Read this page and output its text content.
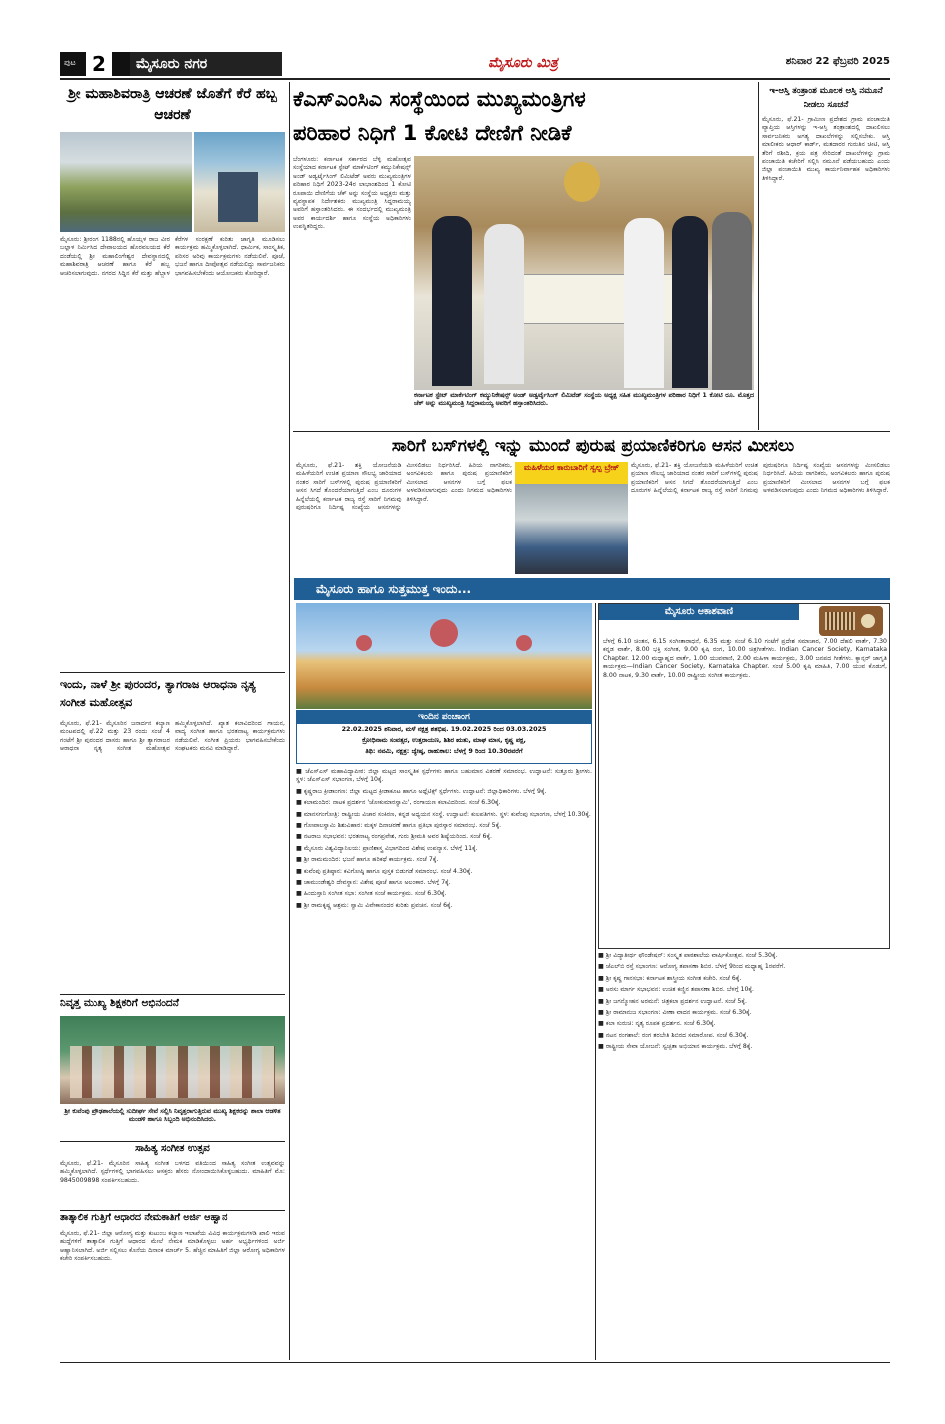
ಪುಟ 2	ಮೈಸೂರು ನಗರ	ಮೈಸೂರು ಮಿತ್ರ	ಶನಿವಾರ 22 ಫೆಬ್ರವರಿ 2025
ಶ್ರೀ ಮಹಾಶಿವರಾತ್ರಿ ಆಚರಣೆ ಜೊತೆಗೆ ಕೆರೆ ಹಬ್ಬ ಆಚರಣೆ
ಮೈಸೂರು: ಶ್ರೀರಂಗ 1188ರಲ್ಲಿ ಹೊಯ್ಸಳ ರಾಜ ವೀರ ಬಲ್ಲಾಳ ನಿರ್ಮಿಸಿದ ದೇವಾಲಯದ ಹೊರವಲಯದ ಕೆರೆ ದಂಡೆಯಲ್ಲಿ ಶ್ರೀ ಮಹಾಲಿಂಗೇಶ್ವರ ದೇವಸ್ಥಾನದಲ್ಲಿ ಮಹಾಶಿವರಾತ್ರಿ ಆಚರಣೆ ಹಾಗೂ ಕೆರೆ ಹಬ್ಬ ಆಚರಿಸಲಾಗುವುದು. ನಗರದ ಸಿದ್ದಿನ ಕೆರೆ ಮತ್ತು ಹೆಬ್ಬಾಳ ಕೆರೆಗಳ ಸಂರಕ್ಷಣೆ ಕುರಿತು ಜಾಗೃತಿ ಮೂಡಿಸಲು ಕಾರ್ಯಕ್ರಮ ಹಮ್ಮಿಕೊಳ್ಳಲಾಗಿದೆ. ಧಾರ್ಮಿಕ, ಸಾಂಸ್ಕೃತಿಕ, ಪರಿಸರ ಅರಿವು ಕಾರ್ಯಕ್ರಮಗಳು ನಡೆಯಲಿವೆ. ಪೂಜೆ, ಭಜನೆ ಹಾಗೂ ದೀಪೋತ್ಸವ ನಡೆಯಲಿದ್ದು ಸಾರ್ವಜನಿಕರು ಭಾಗವಹಿಸಬೇಕೆಂದು ಆಯೋಜಕರು ಕೋರಿದ್ದಾರೆ.
ಇಂದು, ನಾಳೆ ಶ್ರೀ ಪುರಂದರ, ತ್ಯಾಗರಾಜ ಆರಾಧನಾ ನೃತ್ಯ ಸಂಗೀತ ಮಹೋತ್ಸವ
ಮೈಸೂರು, ಫೆ.21- ಮೈಸೂರಿನ ಜನಾರ್ದನ ಕಲ್ಯಾಣ ಮಂಟಪದಲ್ಲಿ ಫೆ.22 ಮತ್ತು 23 ರಂದು ಸಂಜೆ 4 ಗಂಟೆಗೆ ಶ್ರೀ ಪುರಂದರ ದಾಸರು ಹಾಗೂ ಶ್ರೀ ತ್ಯಾಗರಾಜರ ಆರಾಧನಾ ನೃತ್ಯ ಸಂಗೀತ ಮಹೋತ್ಸವ ಹಮ್ಮಿಕೊಳ್ಳಲಾಗಿದೆ. ಖ್ಯಾತ ಕಲಾವಿದರಿಂದ ಗಾಯನ, ವಾದ್ಯ ಸಂಗೀತ ಹಾಗೂ ಭರತನಾಟ್ಯ ಕಾರ್ಯಕ್ರಮಗಳು ನಡೆಯಲಿವೆ. ಸಂಗೀತ ಪ್ರಿಯರು ಭಾಗವಹಿಸಬೇಕೆಂದು ಸಂಘಟಕರು ಮನವಿ ಮಾಡಿದ್ದಾರೆ.
ನಿವೃತ್ತ ಮುಖ್ಯ ಶಿಕ್ಷಕರಿಗೆ ಅಭಿನಂದನೆ
ಶ್ರೀ ಕುವೆಂಪು ಪ್ರೌಢಶಾಲೆಯಲ್ಲಿ ಸುದೀರ್ಘ ಸೇವೆ ಸಲ್ಲಿಸಿ ನಿವೃತ್ತರಾಗುತ್ತಿರುವ ಮುಖ್ಯ ಶಿಕ್ಷಕರನ್ನು ಶಾಲಾ ಆಡಳಿತ ಮಂಡಳಿ ಹಾಗೂ ಸಿಬ್ಬಂದಿ ಅಭಿನಂದಿಸಿದರು.
ಸಾಹಿತ್ಯ ಸಂಗೀತ ಉತ್ಸವ
ಮೈಸೂರು, ಫೆ.21- ಮೈಸೂರಿನ ಸಾಹಿತ್ಯ ಸಂಗೀತ ಬಳಗದ ವತಿಯಿಂದ ಸಾಹಿತ್ಯ ಸಂಗೀತ ಉತ್ಸವವನ್ನು ಹಮ್ಮಿಕೊಳ್ಳಲಾಗಿದೆ. ಸ್ಪರ್ಧೆಗಳಲ್ಲಿ ಭಾಗವಹಿಸಲು ಆಸಕ್ತರು ಹೆಸರು ನೋಂದಾಯಿಸಿಕೊಳ್ಳಬಹುದು. ಮಾಹಿತಿಗೆ ಮೊ: 9845009898 ಸಂಪರ್ಕಿಸಬಹುದು.
ತಾತ್ಕಾಲಿಕ ಗುತ್ತಿಗೆ ಆಧಾರದ ನೇಮಕಾತಿಗೆ ಅರ್ಜಿ ಆಹ್ವಾನ
ಮೈಸೂರು, ಫೆ.21- ಜಿಲ್ಲಾ ಆರೋಗ್ಯ ಮತ್ತು ಕುಟುಂಬ ಕಲ್ಯಾಣ ಇಲಾಖೆಯ ವಿವಿಧ ಕಾರ್ಯಕ್ರಮಗಳಡಿ ಖಾಲಿ ಇರುವ ಹುದ್ದೆಗಳಿಗೆ ತಾತ್ಕಾಲಿಕ ಗುತ್ತಿಗೆ ಆಧಾರದ ಮೇಲೆ ನೇಮಕ ಮಾಡಿಕೊಳ್ಳಲು ಅರ್ಹ ಅಭ್ಯರ್ಥಿಗಳಿಂದ ಅರ್ಜಿ ಆಹ್ವಾನಿಸಲಾಗಿದೆ. ಅರ್ಜಿ ಸಲ್ಲಿಸಲು ಕೊನೆಯ ದಿನಾಂಕ ಮಾರ್ಚ್ 5. ಹೆಚ್ಚಿನ ಮಾಹಿತಿಗೆ ಜಿಲ್ಲಾ ಆರೋಗ್ಯ ಅಧಿಕಾರಿಗಳ ಕಚೇರಿ ಸಂಪರ್ಕಿಸಬಹುದು.
ಕೆಎಸ್‌ಎಂಸಿಎ ಸಂಸ್ಥೆಯಿಂದ ಮುಖ್ಯಮಂತ್ರಿಗಳ
ಪರಿಹಾರ ನಿಧಿಗೆ 1 ಕೋಟಿ ದೇಣಿಗೆ ನೀಡಿಕೆ
ಬೆಂಗಳೂರು: ಕರ್ನಾಟಕ ಸರ್ಕಾರದ ಬೆಳ್ಳಿ ಮಹೋತ್ಸವ ಸಂಸ್ಥೆಯಾದ ಕರ್ನಾಟಕ ಸ್ಟೇಟ್ ಮಾರ್ಕೆಟಿಂಗ್ ಕಮ್ಯುನಿಕೇಷನ್ಸ್ ಅಂಡ್ ಅಡ್ವರ್ಟೈಸಿಂಗ್ ಲಿಮಿಟೆಡ್ ಅವರು ಮುಖ್ಯಮಂತ್ರಿಗಳ ಪರಿಹಾರ ನಿಧಿಗೆ 2023-24ರ ಲಾಭಾಂಶದಿಂದ 1 ಕೋಟಿ ರೂಪಾಯಿ ದೇಣಿಗೆಯ ಚೆಕ್ ಅನ್ನು ಸಂಸ್ಥೆಯ ಅಧ್ಯಕ್ಷರು ಮತ್ತು ವ್ಯವಸ್ಥಾಪಕ ನಿರ್ದೇಶಕರು ಮುಖ್ಯಮಂತ್ರಿ ಸಿದ್ದರಾಮಯ್ಯ ಅವರಿಗೆ ಹಸ್ತಾಂತರಿಸಿದರು. ಈ ಸಂದರ್ಭದಲ್ಲಿ ಮುಖ್ಯಮಂತ್ರಿ ಅವರ ಕಾರ್ಯದರ್ಶಿ ಹಾಗೂ ಸಂಸ್ಥೆಯ ಅಧಿಕಾರಿಗಳು ಉಪಸ್ಥಿತರಿದ್ದರು.
ಕರ್ನಾಟಕ ಸ್ಟೇಟ್ ಮಾರ್ಕೆಟಿಂಗ್ ಕಮ್ಯುನಿಕೇಷನ್ಸ್ ಅಂಡ್ ಅಡ್ವರ್ಟೈಸಿಂಗ್ ಲಿಮಿಟೆಡ್ ಸಂಸ್ಥೆಯ ಅಧ್ಯಕ್ಷ ಸಹಿತ ಮುಖ್ಯಮಂತ್ರಿಗಳ ಪರಿಹಾರ ನಿಧಿಗೆ 1 ಕೋಟಿ ರೂ. ಮೊತ್ತದ ಚೆಕ್ ಅನ್ನು ಮುಖ್ಯಮಂತ್ರಿ ಸಿದ್ದರಾಮಯ್ಯ ಅವರಿಗೆ ಹಸ್ತಾಂತರಿಸಿದರು.
ಇ-ಆಸ್ತಿ ತಂತ್ರಾಂಶ ಮೂಲಕ ಆಸ್ತಿ ನಮೂನೆ ನೀಡಲು ಸೂಚನೆ
ಮೈಸೂರು, ಫೆ.21- ಗ್ರಾಮೀಣ ಪ್ರದೇಶದ ಗ್ರಾಮ ಪಂಚಾಯಿತಿ ವ್ಯಾಪ್ತಿಯ ಆಸ್ತಿಗಳನ್ನು ಇ-ಆಸ್ತಿ ತಂತ್ರಾಂಶದಲ್ಲಿ ದಾಖಲಿಸಲು ಸಾರ್ವಜನಿಕರು ಅಗತ್ಯ ದಾಖಲೆಗಳನ್ನು ಸಲ್ಲಿಸಬೇಕು. ಆಸ್ತಿ ಮಾಲೀಕರು ಆಧಾರ್ ಕಾರ್ಡ್, ಮತದಾರರ ಗುರುತಿನ ಚೀಟಿ, ಆಸ್ತಿ ತೆರಿಗೆ ರಶೀದಿ, ಕ್ರಯ ಪತ್ರ ಸೇರಿದಂತೆ ದಾಖಲೆಗಳನ್ನು ಗ್ರಾಮ ಪಂಚಾಯಿತಿ ಕಚೇರಿಗೆ ಸಲ್ಲಿಸಿ ನಮೂನೆ ಪಡೆಯಬಹುದು ಎಂದು ಜಿಲ್ಲಾ ಪಂಚಾಯಿತಿ ಮುಖ್ಯ ಕಾರ್ಯನಿರ್ವಾಹಕ ಅಧಿಕಾರಿಗಳು ತಿಳಿಸಿದ್ದಾರೆ.
ಸಾರಿಗೆ ಬಸ್‌ಗಳಲ್ಲಿ ಇನ್ನು ಮುಂದೆ ಪುರುಷ ಪ್ರಯಾಣಿಕರಿಗೂ ಆಸನ ಮೀಸಲು
ಮೈಸೂರು, ಫೆ.21- ಶಕ್ತಿ ಯೋಜನೆಯಡಿ ಮಹಿಳೆಯರಿಗೆ ಉಚಿತ ಪ್ರಯಾಣ ಸೌಲಭ್ಯ ಜಾರಿಯಾದ ನಂತರ ಸಾರಿಗೆ ಬಸ್‌ಗಳಲ್ಲಿ ಪುರುಷ ಪ್ರಯಾಣಿಕರಿಗೆ ಆಸನ ಸಿಗದೆ ತೊಂದರೆಯಾಗುತ್ತಿದೆ ಎಂಬ ದೂರುಗಳ ಹಿನ್ನೆಲೆಯಲ್ಲಿ ಕರ್ನಾಟಕ ರಾಜ್ಯ ರಸ್ತೆ ಸಾರಿಗೆ ನಿಗಮವು ಪುರುಷರಿಗೂ ನಿರ್ದಿಷ್ಟ ಸಂಖ್ಯೆಯ ಆಸನಗಳನ್ನು ಮೀಸಲಿಡಲು ನಿರ್ಧರಿಸಿದೆ. ಹಿರಿಯ ನಾಗರಿಕರು, ಅಂಗವಿಕಲರು ಹಾಗೂ ಪುರುಷ ಪ್ರಯಾಣಿಕರಿಗೆ ಮೀಸಲಾದ ಆಸನಗಳ ಬಗ್ಗೆ ಫಲಕ ಅಳವಡಿಸಲಾಗುವುದು ಎಂದು ನಿಗಮದ ಅಧಿಕಾರಿಗಳು ತಿಳಿಸಿದ್ದಾರೆ.
ಮಹಿಳೆಯರ ಕಾರುಬಾರಿಗೆ ಸ್ವಲ್ಪ ಬ್ರೇಕ್	ಮೈಸೂರು, ಫೆ.21- ಶಕ್ತಿ ಯೋಜನೆಯಡಿ ಮಹಿಳೆಯರಿಗೆ ಉಚಿತ ಪ್ರಯಾಣ ಸೌಲಭ್ಯ ಜಾರಿಯಾದ ನಂತರ ಸಾರಿಗೆ ಬಸ್‌ಗಳಲ್ಲಿ ಪುರುಷ ಪ್ರಯಾಣಿಕರಿಗೆ ಆಸನ ಸಿಗದೆ ತೊಂದರೆಯಾಗುತ್ತಿದೆ ಎಂಬ ದೂರುಗಳ ಹಿನ್ನೆಲೆಯಲ್ಲಿ ಕರ್ನಾಟಕ ರಾಜ್ಯ ರಸ್ತೆ ಸಾರಿಗೆ ನಿಗಮವು ಪುರುಷರಿಗೂ ನಿರ್ದಿಷ್ಟ ಸಂಖ್ಯೆಯ ಆಸನಗಳನ್ನು ಮೀಸಲಿಡಲು ನಿರ್ಧರಿಸಿದೆ. ಹಿರಿಯ ನಾಗರಿಕರು, ಅಂಗವಿಕಲರು ಹಾಗೂ ಪುರುಷ ಪ್ರಯಾಣಿಕರಿಗೆ ಮೀಸಲಾದ ಆಸನಗಳ ಬಗ್ಗೆ ಫಲಕ ಅಳವಡಿಸಲಾಗುವುದು ಎಂದು ನಿಗಮದ ಅಧಿಕಾರಿಗಳು ತಿಳಿಸಿದ್ದಾರೆ.
ಮೈಸೂರು ಹಾಗೂ ಸುತ್ತಮುತ್ತ ಇಂದು...
ಇಂದಿನ ಪಂಚಾಂಗ
22.02.2025 ಶನಿವಾರ, ಮಳೆ ನಕ್ಷತ್ರ ಶತಭಿಷ. 19.02.2025 ರಿಂದ 03.03.2025
ಕ್ರೋಧಿನಾಮ ಸಂವತ್ಸರ, ಉತ್ತರಾಯಣ, ಶಿಶಿರ ಋತು, ಮಾಘ ಮಾಸ, ಕೃಷ್ಣ ಪಕ್ಷ,
ತಿಥಿ: ನವಮಿ, ನಕ್ಷತ್ರ: ಜ್ಯೇಷ್ಠ, ರಾಹುಕಾಲ: ಬೆಳಗ್ಗೆ 9 ರಿಂದ 10.30ರವರೆಗೆ

■ ಜೆಎಸ್‌ಎಸ್ ಮಹಾವಿದ್ಯಾಪೀಠ: ಜಿಲ್ಲಾ ಮಟ್ಟದ ಸಾಂಸ್ಕೃತಿಕ ಸ್ಪರ್ಧೆಗಳು ಹಾಗೂ ಬಹುಮಾನ ವಿತರಣೆ ಸಮಾರಂಭ. ಉದ್ಘಾಟನೆ: ಸುತ್ತೂರು ಶ್ರೀಗಳು. ಸ್ಥಳ: ಜೆಎಸ್‌ಎಸ್ ಸಭಾಂಗಣ, ಬೆಳಗ್ಗೆ 10ಕ್ಕೆ.

■ ಕೃಷ್ಣರಾಜ ಕ್ರೀಡಾಂಗಣ: ಜಿಲ್ಲಾ ಮಟ್ಟದ ಕ್ರೀಡಾಕೂಟ ಹಾಗೂ ಅಥ್ಲೆಟಿಕ್ಸ್ ಸ್ಪರ್ಧೆಗಳು. ಉದ್ಘಾಟನೆ: ಜಿಲ್ಲಾಧಿಕಾರಿಗಳು. ಬೆಳಗ್ಗೆ 9ಕ್ಕೆ.

■ ಕಲಾಮಂದಿರ: ನಾಟಕ ಪ್ರದರ್ಶನ 'ಜೋಕುಮಾರಸ್ವಾಮಿ', ರಂಗಾಯಣ ಕಲಾವಿದರಿಂದ. ಸಂಜೆ 6.30ಕ್ಕೆ.

■ ಮಾನಸಗಂಗೋತ್ರಿ: ರಾಷ್ಟ್ರೀಯ ವಿಚಾರ ಸಂಕಿರಣ, ಕನ್ನಡ ಅಧ್ಯಯನ ಸಂಸ್ಥೆ. ಉದ್ಘಾಟನೆ: ಕುಲಪತಿಗಳು. ಸ್ಥಳ: ಕುವೆಂಪು ಸಭಾಂಗಣ, ಬೆಳಗ್ಗೆ 10.30ಕ್ಕೆ.

■ ಗೋಪಾಲಸ್ವಾಮಿ ಶಿಶುವಿಹಾರ: ಮಕ್ಕಳ ದಿನಾಚರಣೆ ಹಾಗೂ ಪ್ರತಿಭಾ ಪುರಸ್ಕಾರ ಸಮಾರಂಭ. ಸಂಜೆ 5ಕ್ಕೆ.

■ ನಟರಾಜ ಸಭಾಭವನ: ಭರತನಾಟ್ಯ ರಂಗಪ್ರವೇಶ, ಗುರು ಶ್ರೀಮತಿ ಅವರ ಶಿಷ್ಯೆಯರಿಂದ. ಸಂಜೆ 6ಕ್ಕೆ.

■ ಮೈಸೂರು ವಿಶ್ವವಿದ್ಯಾನಿಲಯ: ಪ್ರಾಣಿಶಾಸ್ತ್ರ ವಿಭಾಗದಿಂದ ವಿಶೇಷ ಉಪನ್ಯಾಸ. ಬೆಳಗ್ಗೆ 11ಕ್ಕೆ.

■ ಶ್ರೀ ರಾಮಮಂದಿರ: ಭಜನೆ ಹಾಗೂ ಹರಿಕಥೆ ಕಾರ್ಯಕ್ರಮ. ಸಂಜೆ 7ಕ್ಕೆ.

■ ಕುವೆಂಪು ಪ್ರತಿಷ್ಠಾನ: ಕವಿಗೋಷ್ಠಿ ಹಾಗೂ ಪುಸ್ತಕ ಬಿಡುಗಡೆ ಸಮಾರಂಭ. ಸಂಜೆ 4.30ಕ್ಕೆ.

■ ಚಾಮುಂಡೇಶ್ವರಿ ದೇವಸ್ಥಾನ: ವಿಶೇಷ ಪೂಜೆ ಹಾಗೂ ಅಲಂಕಾರ. ಬೆಳಗ್ಗೆ 7ಕ್ಕೆ.

■ ಹಿಂದುಸ್ತಾನಿ ಸಂಗೀತ ಸಭಾ: ಸಂಗೀತ ಸಂಜೆ ಕಾರ್ಯಕ್ರಮ. ಸಂಜೆ 6.30ಕ್ಕೆ.

■ ಶ್ರೀ ರಾಮಕೃಷ್ಣ ಆಶ್ರಮ: ಸ್ವಾಮಿ ವಿವೇಕಾನಂದರ ಕುರಿತು ಪ್ರವಚನ. ಸಂಜೆ 6ಕ್ಕೆ.

ಮೈಸೂರು ಆಕಾಶವಾಣಿ
ಬೆಳಗ್ಗೆ 6.10 ಚಿಂತನ, 6.15 ಸಂಗೀತಾರಾಧನೆ, 6.35 ಮತ್ತು ಸಂಜೆ 6.10 ಗಂಟೆಗೆ ಪ್ರದೇಶ ಸಮಾಚಾರ, 7.00 ದೆಹಲಿ ವಾರ್ತೆ, 7.30 ಕನ್ನಡ ವಾರ್ತೆ, 8.00 ಭಕ್ತಿ ಸಂಗೀತ, 9.00 ಕೃಷಿ ರಂಗ, 10.00 ಚಿತ್ರಗೀತೆಗಳು. Indian Cancer Society, Karnataka Chapter. 12.00 ಮಧ್ಯಾಹ್ನದ ವಾರ್ತೆ, 1.00 ಯುವವಾಣಿ, 2.00 ಮಹಿಳಾ ಕಾರ್ಯಕ್ರಮ, 3.00 ಜನಪದ ಗೀತೆಗಳು. ಕ್ಯಾನ್ಸರ್ ಜಾಗೃತಿ ಕಾರ್ಯಕ್ರಮ—Indian Cancer Society, Karnataka Chapter. ಸಂಜೆ 5.00 ಕೃಷಿ ಮಾಹಿತಿ, 7.00 ಯುವ ಕೊಡುಗೆ, 8.00 ನಾಟಕ, 9.30 ವಾರ್ತೆ, 10.00 ರಾಷ್ಟ್ರೀಯ ಸಂಗೀತ ಕಾರ್ಯಕ್ರಮ.

■ ಶ್ರೀ ವಿದ್ಯಾತೀರ್ಥ ಫೌಂಡೇಷನ್: ಸಂಸ್ಕೃತ ಪಾಠಶಾಲೆಯ ವಾರ್ಷಿಕೋತ್ಸವ. ಸಂಜೆ 5.30ಕ್ಕೆ.

■ ಜೆಎಲ್‌ಬಿ ರಸ್ತೆ ಸಭಾಂಗಣ: ಆರೋಗ್ಯ ತಪಾಸಣಾ ಶಿಬಿರ. ಬೆಳಗ್ಗೆ 9ರಿಂದ ಮಧ್ಯಾಹ್ನ 1ರವರೆಗೆ.

■ ಶ್ರೀ ಕೃಷ್ಣ ಗಾನಸಭಾ: ಕರ್ನಾಟಕ ಶಾಸ್ತ್ರೀಯ ಸಂಗೀತ ಕಚೇರಿ. ಸಂಜೆ 6ಕ್ಕೆ.

■ ಅರಸು ಮಾರ್ಗ ಸಭಾಭವನ: ಉಚಿತ ಕಣ್ಣಿನ ತಪಾಸಣಾ ಶಿಬಿರ. ಬೆಳಗ್ಗೆ 10ಕ್ಕೆ.

■ ಶ್ರೀ ಜಗನ್ಮೋಹನ ಅರಮನೆ: ಚಿತ್ರಕಲಾ ಪ್ರದರ್ಶನ ಉದ್ಘಾಟನೆ. ಸಂಜೆ 5ಕ್ಕೆ.

■ ಶ್ರೀ ರಾಮಾನುಜ ಸಭಾಂಗಣ: ವೀಣಾ ವಾದನ ಕಾರ್ಯಕ್ರಮ. ಸಂಜೆ 6.30ಕ್ಕೆ.

■ ಕಲಾ ಸುರುಚಿ: ನೃತ್ಯ ರೂಪಕ ಪ್ರದರ್ಶನ. ಸಂಜೆ 6.30ಕ್ಕೆ.

■ ನಟನ ರಂಗಶಾಲೆ: ರಂಗ ತರಬೇತಿ ಶಿಬಿರದ ಸಮಾರೋಪ. ಸಂಜೆ 6.30ಕ್ಕೆ.

■ ರಾಷ್ಟ್ರೀಯ ಸೇವಾ ಯೋಜನೆ: ಸ್ವಚ್ಛತಾ ಅಭಿಯಾನ ಕಾರ್ಯಕ್ರಮ. ಬೆಳಗ್ಗೆ 8ಕ್ಕೆ.
